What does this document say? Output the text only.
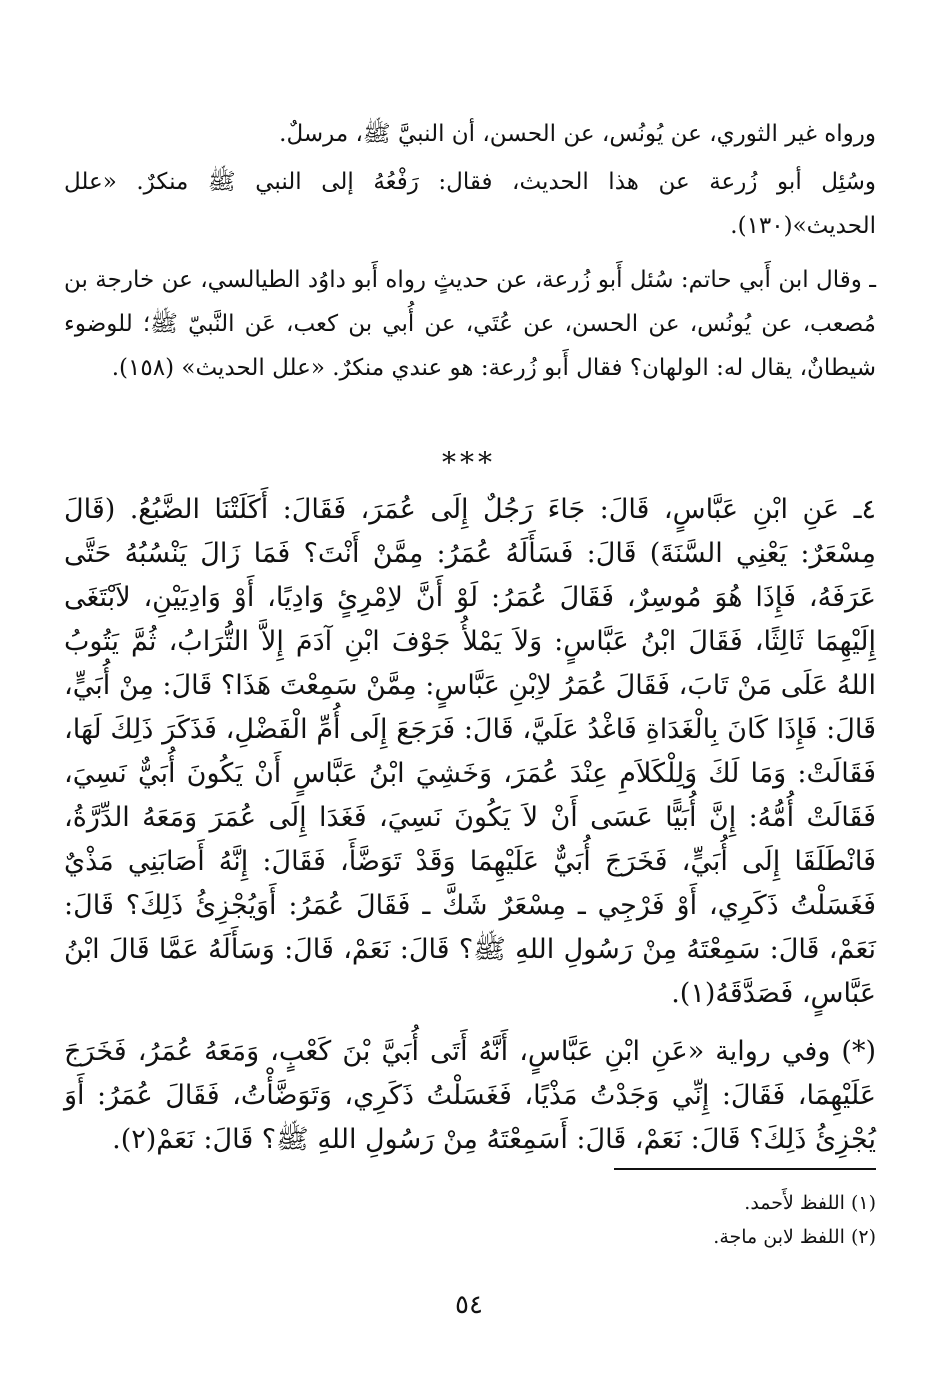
ورواه غير الثوري، عن يُونُس، عن الحسن، أن النبيَّ ﷺ، مرسلٌ.

وسُئِل أبو زُرعة عن هذا الحديث، فقال: رَفْعُهُ إلى النبي ﷺ منكرٌ. «علل الحديث»(١٣٠).

ـ وقال ابن أَبي حاتم: سُئل أَبو زُرعة، عن حديثٍ رواه أَبو داوُد الطيالسي، عن خارجة بن مُصعب، عن يُونُس، عن الحسن، عن عُتَي، عن أُبي بن كعب، عَن النَّبيّ ﷺ؛ للوضوء شيطانٌ، يقال له: الولهان؟ فقال أَبو زُرعة: هو عندي منكرٌ. «علل الحديث» (١٥٨).

***

٤ـ عَنِ ابْنِ عَبَّاسٍ، قَالَ: جَاءَ رَجُلٌ إِلَى عُمَرَ، فَقَالَ: أَكَلَتْنَا الضَّبُعُ. (قَالَ مِسْعَرٌ: يَعْنِي السَّنَةَ) قَالَ: فَسَأَلَهُ عُمَرُ: مِمَّنْ أَنْتَ؟ فَمَا زَالَ يَنْسُبُهُ حَتَّى عَرَفَهُ، فَإِذَا هُوَ مُوسِرٌ، فَقَالَ عُمَرُ: لَوْ أَنَّ لاِمْرِئٍ وَادِيًا، أَوْ وَادِيَيْنِ، لاَبْتَغَى إِلَيْهِمَا ثَالِثًا، فَقَالَ ابْنُ عَبَّاسٍ: وَلاَ يَمْلأُ جَوْفَ ابْنِ آدَمَ إِلاَّ التُّرَابُ، ثُمَّ يَتُوبُ اللهُ عَلَى مَنْ تَابَ، فَقَالَ عُمَرُ لاِبْنِ عَبَّاسٍ: مِمَّنْ سَمِعْتَ هَذَا؟ قَالَ: مِنْ أُبَيٍّ، قَالَ: فَإِذَا كَانَ بِالْغَدَاةِ فَاغْدُ عَلَيَّ، قَالَ: فَرَجَعَ إِلَى أُمِّ الْفَضْلِ، فَذَكَرَ ذَلِكَ لَهَا، فَقَالَتْ: وَمَا لَكَ وَلِلْكَلاَمِ عِنْدَ عُمَرَ، وَخَشِيَ ابْنُ عَبَّاسٍ أَنْ يَكُونَ أُبَيٌّ نَسِيَ، فَقَالَتْ أُمُّهُ: إِنَّ أُبَيًّا عَسَى أَنْ لاَ يَكُونَ نَسِيَ، فَغَدَا إِلَى عُمَرَ وَمَعَهُ الدِّرَّةُ، فَانْطَلَقَا إِلَى أُبَيٍّ، فَخَرَجَ أُبَيٌّ عَلَيْهِمَا وَقَدْ تَوَضَّأَ، فَقَالَ: إِنَّهُ أَصَابَنِي مَذْيٌ فَغَسَلْتُ ذَكَرِي، أَوْ فَرْجِي ـ مِسْعَرٌ شَكَّ ـ فَقَالَ عُمَرُ: أَوَيُجْزِئُ ذَلِكَ؟ قَالَ: نَعَمْ، قَالَ: سَمِعْتَهُ مِنْ رَسُولِ اللهِ ﷺ؟ قَالَ: نَعَمْ، قَالَ: وَسَأَلَهُ عَمَّا قَالَ ابْنُ عَبَّاسٍ، فَصَدَّقَهُ(١).

(*) وفي رواية «عَنِ ابْنِ عَبَّاسٍ، أَنَّهُ أَتَى أُبَيَّ بْنَ كَعْبٍ، وَمَعَهُ عُمَرُ، فَخَرَجَ عَلَيْهِمَا، فَقَالَ: إِنِّي وَجَدْتُ مَذْيًا، فَغَسَلْتُ ذَكَرِي، وَتَوَضَّأْتُ، فَقَالَ عُمَرُ: أَوَ يُجْزِئُ ذَلِكَ؟ قَالَ: نَعَمْ، قَالَ: أَسَمِعْتَهُ مِنْ رَسُولِ اللهِ ﷺ؟ قَالَ: نَعَمْ(٢).

(١) اللفظ لأَحمد.

(٢) اللفظ لابن ماجة.

٥٤
